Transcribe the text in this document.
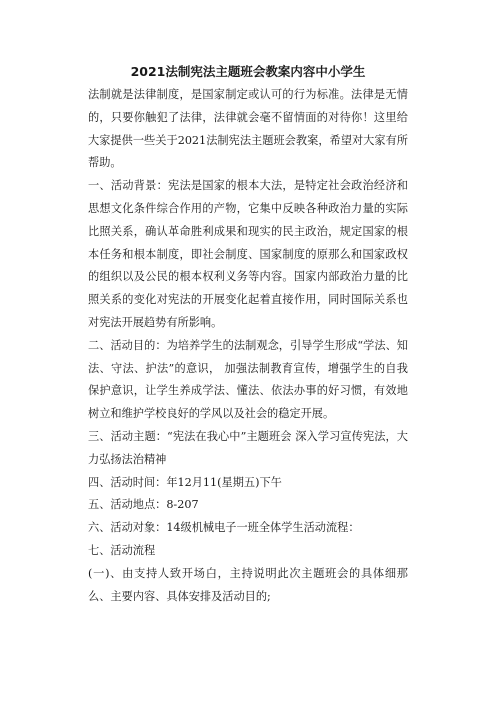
2021法制宪法主题班会教案内容中小学生

法制就是法律制度，是国家制定或认可的行为标准。法律是无情的，只要你触犯了法律，法律就会毫不留情面的对待你！这里给大家提供一些关于2021法制宪法主题班会教案，希望对大家有所帮助。

一、活动背景：宪法是国家的根本大法，是特定社会政治经济和思想文化条件综合作用的产物，它集中反映各种政治力量的实际比照关系，确认革命胜利成果和现实的民主政治，规定国家的根本任务和根本制度，即社会制度、国家制度的原那么和国家政权的组织以及公民的根本权利义务等内容。国家内部政治力量的比照关系的变化对宪法的开展变化起着直接作用，同时国际关系也对宪法开展趋势有所影响。

二、活动目的：为培养学生的法制观念，引导学生形成“学法、知法、守法、护法”的意识， 加强法制教育宣传，增强学生的自我保护意识，让学生养成学法、懂法、依法办事的好习惯，有效地树立和维护学校良好的学风以及社会的稳定开展。

三、活动主题：“宪法在我心中”主题班会 深入学习宣传宪法，大力弘扬法治精神

四、活动时间：年12月11(星期五)下午

五、活动地点：8-207

六、活动对象：14级机械电子一班全体学生活动流程：

七、活动流程

(一)、由支持人致开场白，主持说明此次主题班会的具体细那么、主要内容、具体安排及活动目的;
